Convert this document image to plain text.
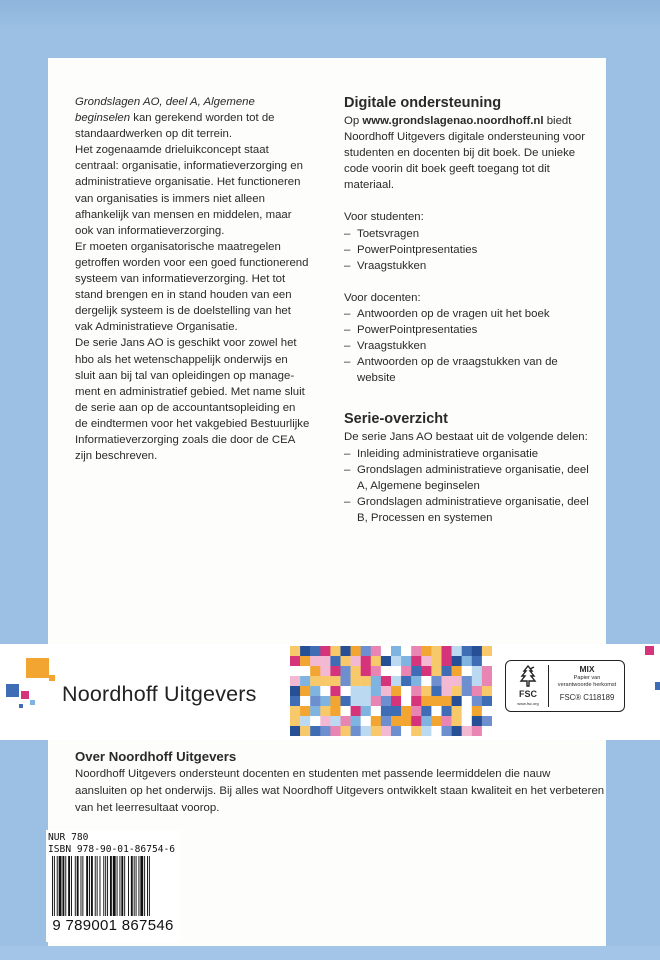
Grondslagen AO, deel A, Algemene beginselen kan gerekend worden tot de standaardwerken op dit terrein.

Het zogenaamde drieluikconcept staat centraal: organisatie, informatieverzorging en administratieve organisatie. Het functioneren van organisaties is immers niet alleen afhankelijk van mensen en middelen, maar ook van informatieverzorging.

Er moeten organisatorische maatregelen getroffen worden voor een goed functionerend systeem van informatieverzorging. Het tot stand brengen en in stand houden van een dergelijk systeem is de doelstelling van het vak Administratieve Organisatie.

De serie Jans AO is geschikt voor zowel het hbo als het wetenschappelijk onderwijs en sluit aan bij tal van opleidingen op management en administratief gebied. Met name sluit de serie aan op de accountantsopleiding en de eindtermen voor het vakgebied Bestuurlijke Informatieverzorging zoals die door de CEA zijn beschreven.

Digitale ondersteuning

Op www.grondslagenao.noordhoff.nl biedt Noordhoff Uitgevers digitale ondersteuning voor studenten en docenten bij dit boek. De unieke code voorin dit boek geeft toegang tot dit materiaal.

Voor studenten:

– Toetsvragen
– PowerPointpresentaties
– Vraagstukken

Voor docenten:

– Antwoorden op de vragen uit het boek
– PowerPointpresentaties
– Vraagstukken
– Antwoorden op de vraagstukken van de website
Serie-overzicht

De serie Jans AO bestaat uit de volgende delen:

– Inleiding administratieve organisatie
– Grondslagen administratieve organisatie, deel A, Algemene beginselen
– Grondslagen administratieve organisatie, deel B, Processen en systemen
Noordhoff Uitgevers	FSC
www.fsc.org
MIX
Papier van
verantwoorde herkomst
FSC® C118189
Over Noordhoff Uitgevers

Noordhoff Uitgevers ondersteunt docenten en studenten met passende leermiddelen die nauw aansluiten op het onderwijs. Bij alles wat Noordhoff Uitgevers ontwikkelt staan kwaliteit en het verbeteren van het leerresultaat voorop.

NUR 780
ISBN 978-90-01-86754-6
9 789001 867546
